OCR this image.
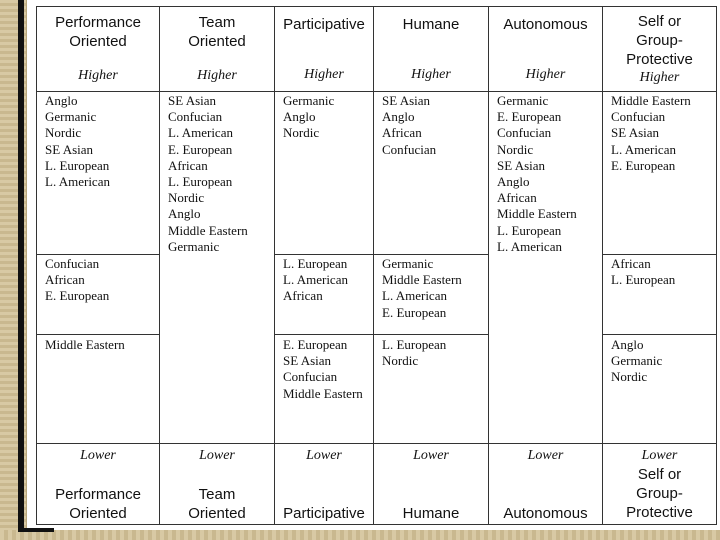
Performance
Oriented
Higher
Anglo
Germanic
Nordic
SE Asian
L. European
L. American
Confucian
African
E. European
Middle Eastern
Lower
Performance
Oriented
Team
Oriented
Higher
SE Asian
Confucian
L. American
E. European
African
L. European
Nordic
Anglo
Middle Eastern
Germanic
Lower
Team
Oriented
Participative
Higher
Germanic
Anglo
Nordic
L. European
L. American
African
E. European
SE Asian
Confucian
Middle Eastern
Lower
Participative
Humane
Higher
SE Asian
Anglo
African
Confucian
Germanic
Middle Eastern
L. American
E. European
L. European
Nordic
Lower
Humane
Autonomous
Higher
Germanic
E. European
Confucian
Nordic
SE Asian
Anglo
African
Middle Eastern
L. European
L. American
Lower
Autonomous
Self or
Group-
Protective
Higher
Middle Eastern
Confucian
SE Asian
L. American
E. European
African
L. European
Anglo
Germanic
Nordic
Lower
Self or
Group-
Protective
